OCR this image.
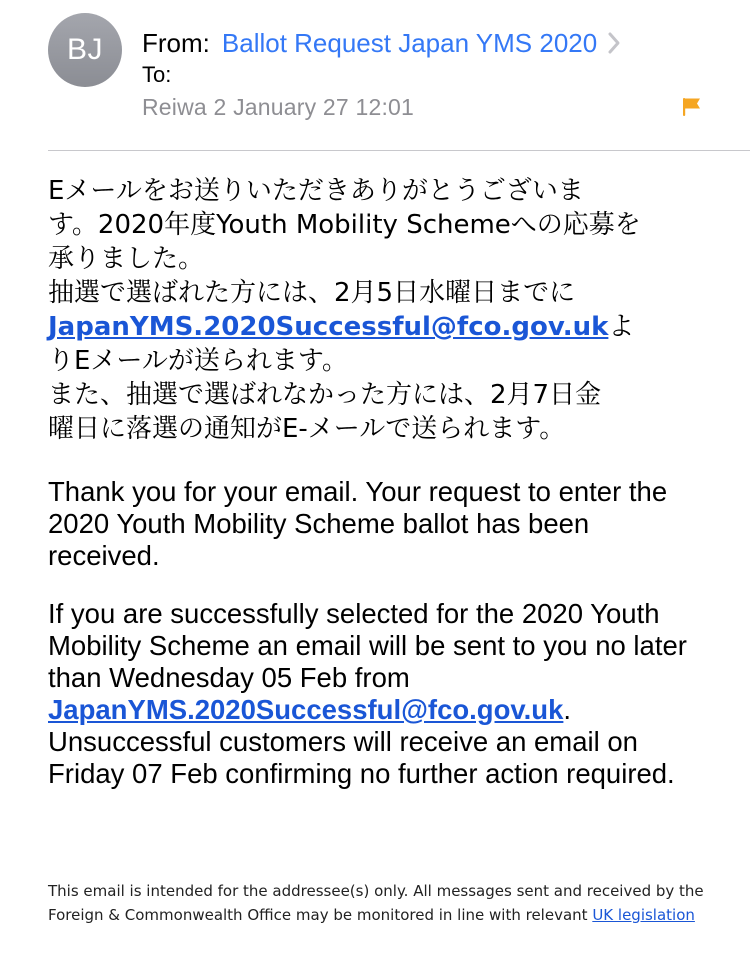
BJ	From: Ballot Request Japan YMS 2020
To:
Reiwa 2 January 27 12:01
Eメールをお送りいただきありがとうございま
す。2020年度Youth Mobility Schemeへの応募を
承りました。
抽選で選ばれた方には、2月5日水曜日までに
JapanYMS.2020Successful@fco.gov.ukよ
りEメールが送られます。
また、抽選で選ばれなかった方には、2月7日金
曜日に落選の通知がE-メールで送られます。

Thank you for your email. Your request to enter the 2020 Youth Mobility Scheme ballot has been received.

If you are successfully selected for the 2020 Youth Mobility Scheme an email will be sent to you no later than Wednesday 05 Feb from JapanYMS.2020Successful@fco.gov.uk. Unsuccessful customers will receive an email on Friday 07 Feb confirming no further action required.

This email is intended for the addressee(s) only. All messages sent and received by the Foreign & Commonwealth Office may be monitored in line with relevant UK legislation
